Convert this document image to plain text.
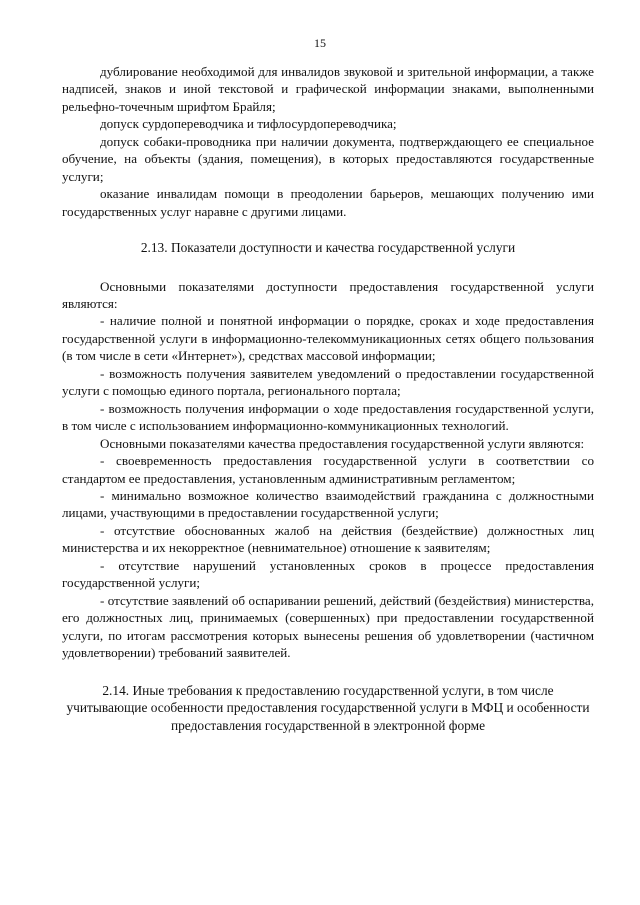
15

дублирование необходимой для инвалидов звуковой и зрительной информации, а также надписей, знаков и иной текстовой и графической информации знаками, выполненными рельефно-точечным шрифтом Брайля;

допуск сурдопереводчика и тифлосурдопереводчика;

допуск собаки-проводника при наличии документа, подтверждающего ее специальное обучение, на объекты (здания, помещения), в которых предоставляются государственные услуги;

оказание инвалидам помощи в преодолении барьеров, мешающих получению ими государственных услуг наравне с другими лицами.

2.13. Показатели доступности и качества государственной услуги

Основными показателями доступности предоставления государственной услуги являются:

- наличие полной и понятной информации о порядке, сроках и ходе предоставления государственной услуги в информационно-телекоммуникационных сетях общего пользования (в том числе в сети «Интернет»), средствах массовой информации;

- возможность получения заявителем уведомлений о предоставлении государственной услуги с помощью единого портала, регионального портала;

- возможность получения информации о ходе предоставления государственной услуги, в том числе с использованием информационно-коммуникационных технологий.

Основными показателями качества предоставления государственной услуги являются:

- своевременность предоставления государственной услуги в соответствии со стандартом ее предоставления, установленным административным регламентом;

- минимально возможное количество взаимодействий гражданина с должностными лицами, участвующими в предоставлении государственной услуги;

- отсутствие обоснованных жалоб на действия (бездействие) должностных лиц министерства и их некорректное (невнимательное) отношение к заявителям;

- отсутствие нарушений установленных сроков в процессе предоставления государственной услуги;

- отсутствие заявлений об оспаривании решений, действий (бездействия) министерства, его должностных лиц, принимаемых (совершенных) при предоставлении государственной услуги, по итогам рассмотрения которых вынесены решения об удовлетворении (частичном удовлетворении) требований заявителей.

2.14. Иные требования к предоставлению государственной услуги, в том числе учитывающие особенности предоставления государственной услуги в МФЦ и особенности предоставления государственной в электронной форме
